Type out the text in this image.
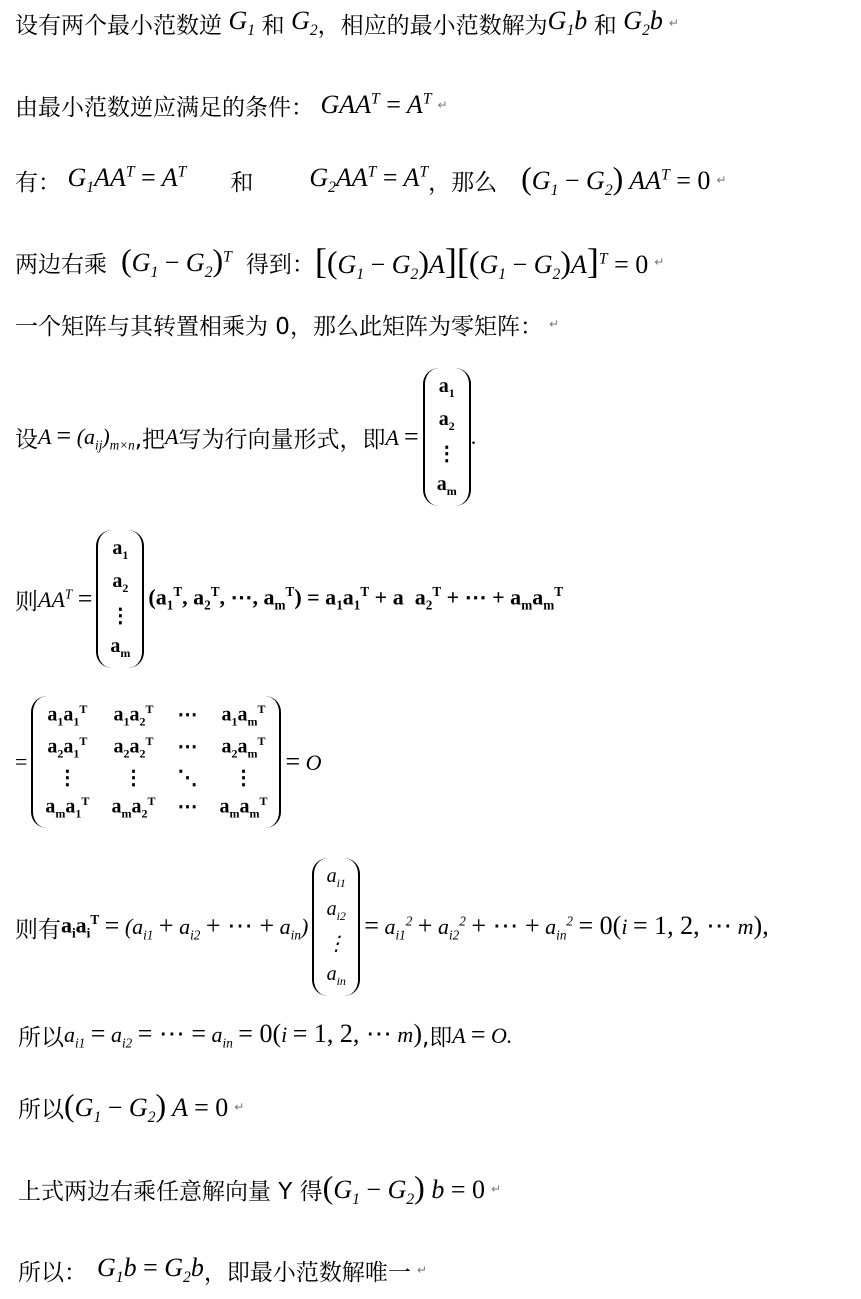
设有两个最小范数逆 $G_1$ 和 $G_2$ ，相应的最小范数解为 $G_1b$ 和 $G_2b$ ↵
由最小范数逆应满足的条件： $GAA^T = A^T$ ↵
有： $G_1AA^T = A^T$ 和 $G_2AA^T = A^T$ ，那么 $(G_1 - G_2) AA^T = 0$ ↵
两边右乘 $(G_1 - G_2)^T$ 得到： $[(G_1 - G_2)A][(G_1 - G_2)A]^T = 0$ ↵
一个矩阵与其转置相乘为 0，那么此矩阵为零矩阵： ↵
设 $A = (a_{ij})_{m\times n}$ ,把 A 写为行向量形式，即 A =
$a_1$
$a_2$
⋮
$a_m$
.
则 $AA^T$ =
$a_1$
$a_2$
⋮
$a_m$
($a_1^T$, $a_2^T$, ⋯, $a_m^T) = a_1a_1^T + a$  $a_2^T$ + ⋯ + $a_ma_m^T$
=
$a_1a_1^T$ $a_1a_2^T$ ⋯ $a_1a_m^T$
$a_2a_1^T$ $a_2a_2^T$ ⋯ $a_2a_m^T$
⋮	⋮	⋱	⋮
$a_ma_1^T$ $a_ma_2^T$ ⋯ $a_ma_m^T$
= O
则有 $a_ia_i^T = (a_{i1} + a_{i2}$ + ⋯ + $a_{in}$)
$a_{i1}$
$a_{i2}$
⋮
$a_{in}$
= $a_{i1}^2 + a_{i2}^2$ + ⋯ + $a_{in}^2 = 0(i = 1$, 2, ⋯ m),
所以 $a_{i1} = a_{i2}$ = ⋯ = $a_{in} = 0(i = 1$, 2, ⋯ m) ,即 A = O.
所以 $(G_1 - G_2) A = 0$ ↵
上式两边右乘任意解向量 Y 得 $(G_1 - G_2) b = 0$ ↵
所以： $G_1b = G_2b$ ，即最小范数解唯一 ↵
